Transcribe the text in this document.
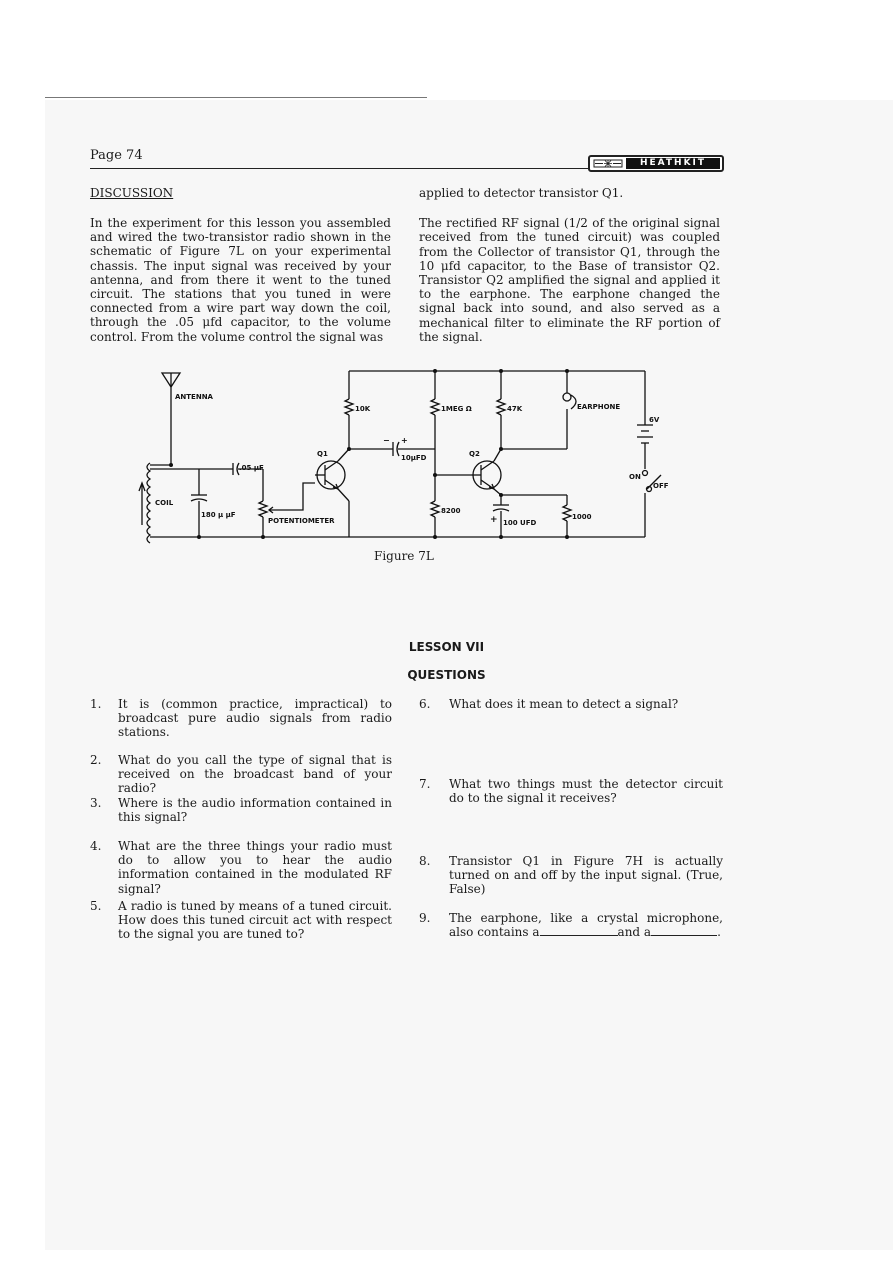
Page 74	HEATHKIT
DISCUSSION

In the experiment for this lesson you assembled and wired the two-transistor radio shown in the schematic of Figure 7L on your experimental chassis. The input signal was received by your antenna, and from there it went to the tuned circuit. The stations that you tuned in were connected from a wire part way down the coil, through the .05 μfd capacitor, to the volume control. From the volume control the signal was

applied to detector transistor Q1.

The rectified RF signal (1/2 of the original signal received from the tuned circuit) was coupled from the Collector of transistor Q1, through the 10 μfd capacitor, to the Base of transistor Q2. Transistor Q2 amplified the signal and applied it to the earphone. The earphone changed the signal back into sound, and also served as a mechanical filter to eliminate the RF portion of the signal.

ANTENNA
COIL
180 μ μF
.05 μF
POTENTIOMETER
10K
Q1
− +
10μFD
1MEG Ω
8200
Q2
47K
+ 100 UFD
1000
EARPHONE
6V
ON
OFF
Figure 7L
LESSON VII
QUESTIONS
1. It is (common practice, impractical) to broadcast pure audio signals from radio stations.
2. What do you call the type of signal that is received on the broadcast band of your radio?
3. Where is the audio information contained in this signal?
4. What are the three things your radio must do to allow you to hear the audio information contained in the modulated RF signal?
5. A radio is tuned by means of a tuned circuit. How does this tuned circuit act with respect to the signal you are tuned to?
6. What does it mean to detect a signal?
7. What two things must the detector circuit do to the signal it receives?
8. Transistor Q1 in Figure 7H is actually turned on and off by the input signal. (True, False)
9. The earphone, like a crystal microphone, also contains a	and a	.
